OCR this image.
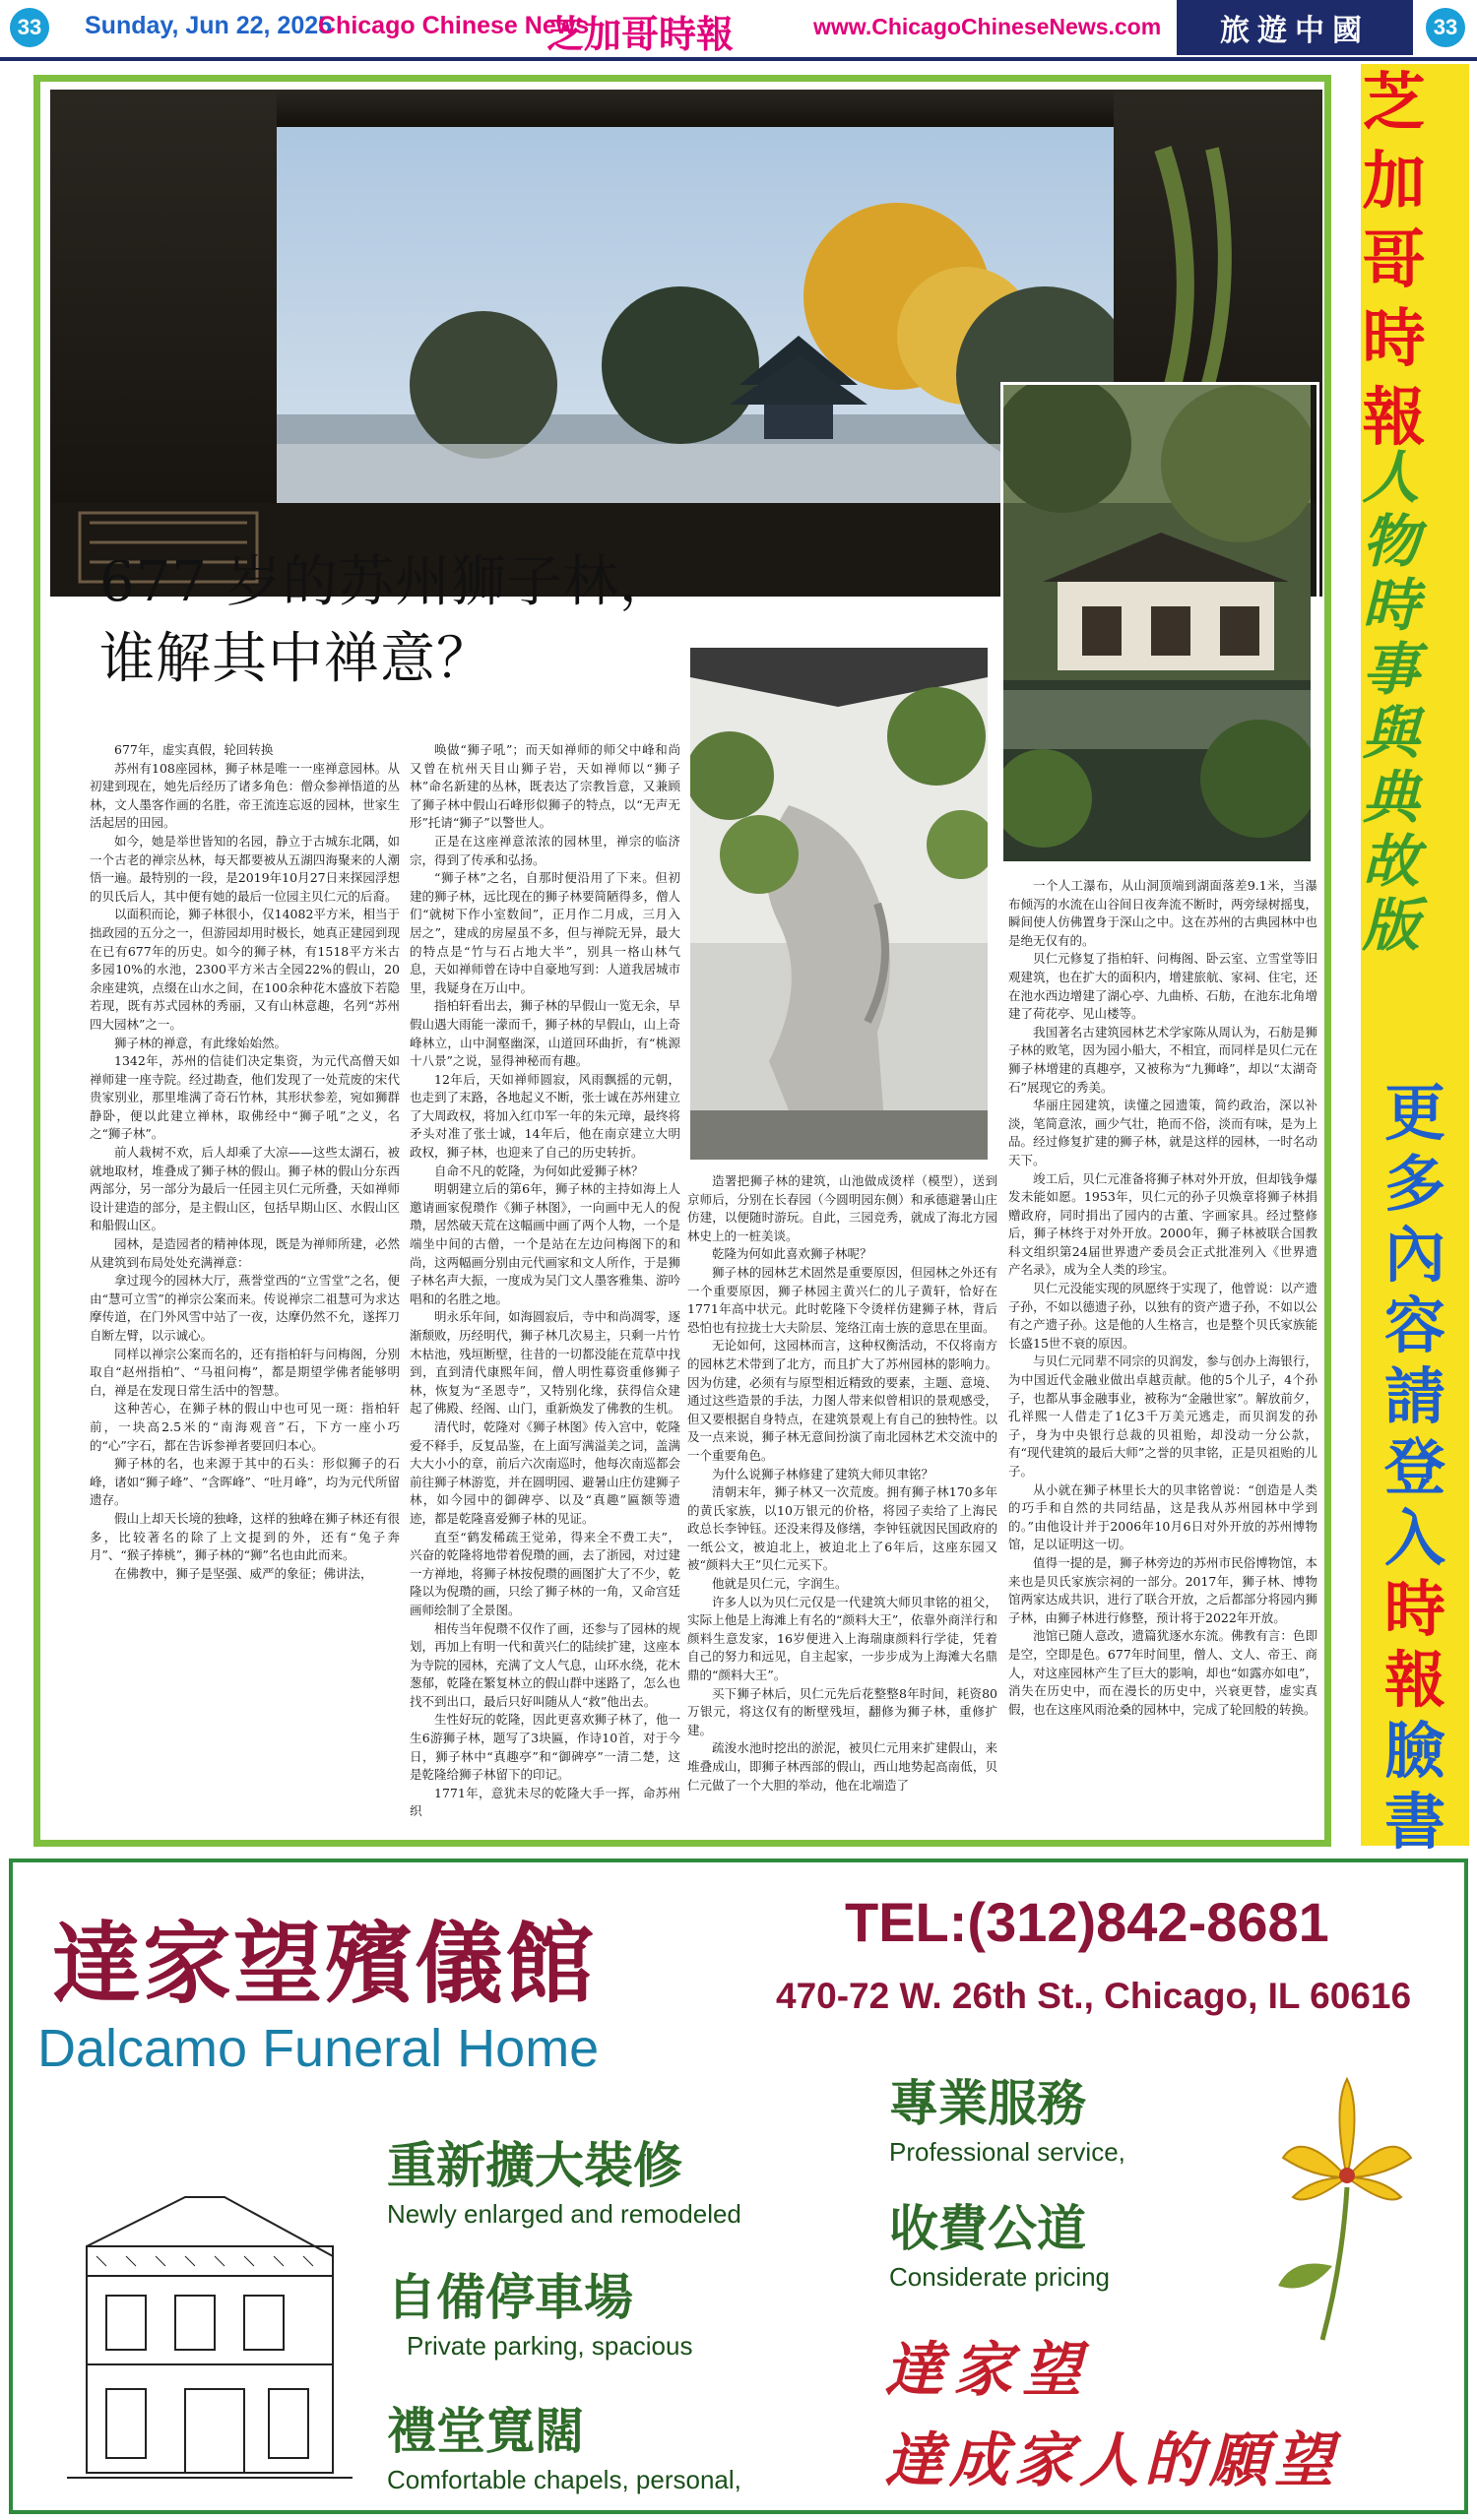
33	Sunday, Jun 22, 2025
Chicago Chinese News
芝加哥時報	www.ChicagoChineseNews.com	旅遊中國	33
677 岁的苏州狮子林，
谁解其中禅意？

677年，虚实真假，轮回转换

苏州有108座园林，狮子林是唯一一座禅意园林。从初建到现在，她先后经历了诸多角色：僧众参禅悟道的丛林，文人墨客作画的名胜，帝王流连忘返的园林，世家生活起居的田园。

如今，她是举世皆知的名园，静立于古城东北隅，如一个古老的禅宗丛林，每天都要被从五湖四海聚来的人潮悟一遍。最特别的一段，是2019年10月27日来探园浮想的贝氏后人，其中便有她的最后一位园主贝仁元的后裔。

以面积而论，狮子林很小，仅14082平方米，相当于拙政园的五分之一，但游园却用时极长，她真正建园到现在已有677年的历史。如今的狮子林，有1518平方米古多园10%的水池，2300平方米古全园22%的假山，20余座建筑，点缀在山水之间，在100余种花木盛放下若隐若现，既有苏式园林的秀丽，又有山林意趣，名列“苏州四大园林”之一。

狮子林的禅意，有此缘始始然。

1342年，苏州的信徒们决定集资，为元代高僧天如禅师建一座寺院。经过勘查，他们发现了一处荒废的宋代贵家别业，那里堆满了奇石竹林，其形状参差，宛如狮群静卧，便以此建立禅林，取佛经中“狮子吼”之义，名之“狮子林”。

前人栽树不欢，后人却乘了大凉——这些太湖石，被就地取材，堆叠成了狮子林的假山。狮子林的假山分东西两部分，另一部分为最后一任园主贝仁元所叠，天如禅师设计建造的部分，是主假山区，包括早期山区、水假山区和船假山区。

园林，是造园者的精神体现，既是为禅师所建，必然从建筑到布局处处充满禅意：

拿过现今的园林大厅，燕誉堂西的“立雪堂”之名，便由“慧可立雪”的禅宗公案而来。传说禅宗二祖慧可为求达摩传道，在门外风雪中站了一夜，达摩仍然不允，遂挥刀自断左臂，以示诚心。

同样以禅宗公案而名的，还有指柏轩与问梅阁，分别取自“赵州指柏”、“马祖问梅”，都是期望学佛者能够明白，禅是在发现日常生活中的智慧。

这种苦心，在狮子林的假山中也可见一斑：指柏轩前，一块高2.5米的“南海观音”石，下方一座小巧的“心”字石，都在告诉参禅者要回归本心。

狮子林的名，也来源于其中的石头：形似狮子的石峰，诸如“狮子峰”、“含晖峰”、“吐月峰”，均为元代所留遗存。

假山上却天长境的独峰，这样的独峰在狮子林还有很多，比较著名的除了上文提到的外，还有“兔子奔月”、“猴子捧桃”，狮子林的“狮”名也由此而来。

在佛教中，狮子是坚强、威严的象征；佛讲法，

唤做“狮子吼”；而天如禅师的师父中峰和尚又曾在杭州天目山狮子岩，天如禅师以“狮子林”命名新建的丛林，既表达了宗教旨意，又兼顾了狮子林中假山石峰形似狮子的特点，以“无声无形”托请“狮子”以警世人。

正是在这座禅意浓浓的园林里，禅宗的临济宗，得到了传承和弘扬。

“狮子林”之名，自那时便沿用了下来。但初建的狮子林，远比现在的狮子林要简陋得多，僧人们“就树下作小室数间”，正月作二月成，三月入居之”，建成的房屋虽不多，但与禅院无异，最大的特点是“竹与石占地大半”，别具一格山林气息，天如禅师曾在诗中自豪地写到：人道我居城市里，我疑身在万山中。

指柏轩看出去，狮子林的早假山一览无余，早假山遇大雨能一濛而千，狮子林的早假山，山上奇峰林立，山中洞壑幽深，山道回环曲折，有“桃源十八景”之说，显得神秘而有趣。

12年后，天如禅师圆寂，风雨飘摇的元朝，也走到了末路，各地起义不断，张士诚在苏州建立了大周政权，将加入红巾军一年的朱元璋，最终将矛头对准了张士诚，14年后，他在南京建立大明政权，狮子林，也迎来了自己的历史转折。

自命不凡的乾隆，为何如此爱狮子林？

明朝建立后的第6年，狮子林的主持如海上人邀请画家倪瓒作《狮子林图》，一向画中无人的倪瓒，居然破天荒在这幅画中画了两个人物，一个是端坐中间的古僧，一个是站在左边问梅阁下的和尚，这两幅画分别由元代画家和文人所作，于是狮子林名声大振，一度成为吴门文人墨客雅集、游吟唱和的名胜之地。

明永乐年间，如海圆寂后，寺中和尚凋零，逐渐颓败，历经明代，狮子林几次易主，只剩一片竹木枯池，残垣断壁，往昔的一切都没能在荒草中找到，直到清代康熙年间，僧人明性募资重修狮子林，恢复为“圣恩寺”，又特别化缘，获得信众建起了佛殿、经阁、山门，重新焕发了佛教的生机。

清代时，乾隆对《狮子林图》传入宫中，乾隆爱不释手，反复品鉴，在上面写满溢美之词，盖满大大小小的章，前后六次南巡时，他每次南巡都会前往狮子林游览，并在圆明园、避暑山庄仿建狮子林，如今园中的御碑亭、以及“真趣”匾额等遗迹，都是乾隆喜爱狮子林的见证。

直至“鹤发稀疏王觉弟，得来全不费工夫”，兴奋的乾隆将地带着倪瓒的画，去了浙园，对过建一方禅地，将狮子林按倪瓒的画图扩大了不少，乾隆以为倪瓒的画，只绘了狮子林的一角，又命宫廷画师绘制了全景图。

相传当年倪瓒不仅作了画，还参与了园林的规划，再加上有明一代和黄兴仁的陆续扩建，这座本为寺院的园林，充满了文人气息，山环水绕，花木葱郁，乾隆在繁复林立的假山群中迷路了，怎么也找不到出口，最后只好叫随从人“救”他出去。

生性好玩的乾隆，因此更喜欢狮子林了，他一生6游狮子林，题写了3块匾，作诗10首，对于今日，狮子林中“真趣亭”和“御碑亭”一清二楚，这是乾隆给狮子林留下的印记。

1771年，意犹未尽的乾隆大手一挥，命苏州织

造署把狮子林的建筑，山池做成烫样（模型），送到京师后，分别在长春园（今圆明园东侧）和承德避暑山庄仿建，以便随时游玩。自此，三园竞秀，就成了海北方园林史上的一桩美谈。

乾隆为何如此喜欢狮子林呢？

狮子林的园林艺术固然是重要原因，但园林之外还有一个重要原因，狮子林园主黄兴仁的儿子黄轩，恰好在1771年高中状元。此时乾隆下令烫样仿建狮子林，背后恐怕也有拉拢士大夫阶层、笼络江南士族的意思在里面。

无论如何，这园林而言，这种权衡活动，不仅将南方的园林艺术带到了北方，而且扩大了苏州园林的影响力。因为仿建，必须有与原型相近精致的要素，主题、意境、通过这些造景的手法，力图人带来似曾相识的景观感受，但又要根据自身特点，在建筑景观上有自己的独特性。以及一点来说，狮子林无意间扮演了南北园林艺术交流中的一个重要角色。

为什么说狮子林修建了建筑大师贝聿铭？

清朝末年，狮子林又一次荒废。拥有狮子林170多年的黄氏家族，以10万银元的价格，将园子卖给了上海民政总长李钟钰。还没来得及修缮，李钟钰就因民国政府的一纸公文，被迫北上，被迫北上了6年后，这座东园又被“颜料大王”贝仁元买下。

他就是贝仁元，字润生。

许多人以为贝仁元仅是一代建筑大师贝聿铭的祖父，实际上他是上海滩上有名的“颜料大王”，依靠外商洋行和颜料生意发家，16岁便进入上海瑞康颜料行学徒，凭着自己的努力和远见，自主起家，一步步成为上海滩大名鼎鼎的“颜料大王”。

买下狮子林后，贝仁元先后花整整8年时间，耗资80万银元，将这仅有的断壁残垣，翻修为狮子林，重修扩建。

疏浚水池时挖出的淤泥，被贝仁元用来扩建假山，来堆叠成山，即狮子林西部的假山，西山地势起高南低，贝仁元做了一个大胆的举动，他在北端造了

一个人工瀑布，从山洞顶端到湖面落差9.1米，当瀑布倾泻的水流在山谷间日夜奔流不断时，两旁绿树摇曳，瞬间使人仿佛置身于深山之中。这在苏州的古典园林中也是绝无仅有的。

贝仁元修复了指柏轩、问梅阁、卧云室、立雪堂等旧观建筑，也在扩大的面积内，增建旅航、家祠、住宅，还在池水西边增建了湖心亭、九曲桥、石舫，在池东北角增建了荷花亭、见山楼等。

我国著名古建筑园林艺术学家陈从周认为，石舫是狮子林的败笔，因为园小船大，不相宜，而同样是贝仁元在狮子林增建的真趣亭，又被称为“九狮峰”，却以“太湖奇石”展现它的秀美。

华丽庄园建筑，读懂之园遗策，简约政治，深以补淡，笔简意浓，画少气壮，艳而不俗，淡而有味，是为上品。经过修复扩建的狮子林，就是这样的园林，一时名动天下。

竣工后，贝仁元准备将狮子林对外开放，但却钱争爆发未能如愿。1953年，贝仁元的孙子贝焕章将狮子林捐赠政府，同时捐出了园内的古董、字画家具。经过整修后，狮子林终于对外开放。2000年，狮子林被联合国教科文组织第24届世界遗产委员会正式批准列入《世界遗产名录》，成为全人类的珍宝。

贝仁元没能实现的夙愿终于实现了，他曾说：以产遗子孙，不如以德遗子孙，以独有的资产遗子孙，不如以公有之产遗子孙。这是他的人生格言，也是整个贝氏家族能长盛15世不衰的原因。

与贝仁元同辈不同宗的贝润发，参与创办上海银行，为中国近代金融业做出卓越贡献。他的5个儿子，4个孙子，也都从事金融事业，被称为“金融世家”。解放前夕，孔祥熙一人借走了1亿3千万美元逃走，而贝润发的孙子，身为中央银行总裁的贝祖贻，却没动一分公款，有“现代建筑的最后大师”之誉的贝聿铭，正是贝祖贻的儿子。

从小就在狮子林里长大的贝聿铭曾说：“创造是人类的巧手和自然的共同结晶，这是我从苏州园林中学到的。”由他设计并于2006年10月6日对外开放的苏州博物馆，足以证明这一切。

值得一提的是，狮子林旁边的苏州市民俗博物馆，本来也是贝氏家族宗祠的一部分。2017年，狮子林、博物馆两家达成共识，进行了联合开放，之后都部分将园内狮子林，由狮子林进行修整，预计将于2022年开放。

池馆已随人意改，遗篇犹逐水东流。佛教有言：色即是空，空即是色。677年时间里，僧人、文人、帝王、商人，对这座园林产生了巨大的影响，却也“如露亦如电”，消失在历史中，而在漫长的历史中，兴衰更替，虚实真假，也在这座风雨沧桑的园林中，完成了轮回般的转换。

芝加哥時報
人物時事與典故版
更多內容請登入
時報
臉書
達家望殯儀館
Dalcamo Funeral Home
TEL:(312)842-8681
470-72 W. 26th St., Chicago, IL 60616
重新擴大裝修
Newly enlarged and remodeled
自備停車場
Private parking, spacious
禮堂寬闊
Comfortable chapels, personal,
專業服務
Professional service,
收費公道
Considerate pricing
達家望
達成家人的願望
